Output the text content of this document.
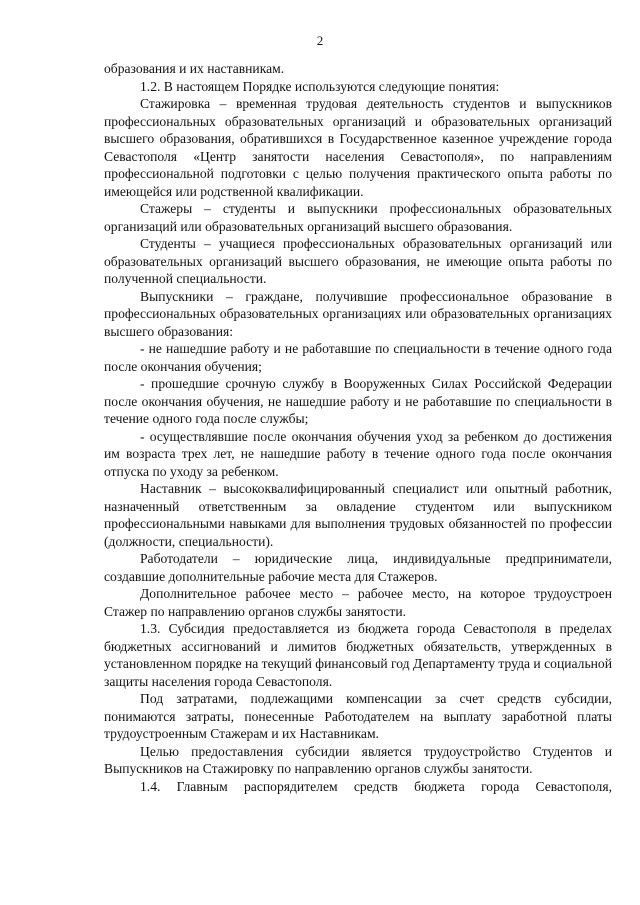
2

образования и их наставникам.

1.2. В настоящем Порядке используются следующие понятия:

Стажировка – временная трудовая деятельность студентов и выпускников профессиональных образовательных организаций и образовательных организаций высшего образования, обратившихся в Государственное казенное учреждение города Севастополя «Центр занятости населения Севастополя», по направлениям профессиональной подготовки с целью получения практического опыта работы по имеющейся или родственной квалификации.

Стажеры – студенты и выпускники профессиональных образовательных организаций или образовательных организаций высшего образования.

Студенты – учащиеся профессиональных образовательных организаций или образовательных организаций высшего образования, не имеющие опыта работы по полученной специальности.

Выпускники – граждане, получившие профессиональное образование в профессиональных образовательных организациях или образовательных организациях высшего образования:

- не нашедшие работу и не работавшие по специальности в течение одного года после окончания обучения;

- прошедшие срочную службу в Вооруженных Силах Российской Федерации после окончания обучения, не нашедшие работу и не работавшие по специальности в течение одного года после службы;

- осуществлявшие после окончания обучения уход за ребенком до достижения им возраста трех лет, не нашедшие работу в течение одного года после окончания отпуска по уходу за ребенком.

Наставник – высококвалифицированный специалист или опытный работник, назначенный ответственным за овладение студентом или выпускником профессиональными навыками для выполнения трудовых обязанностей по профессии (должности, специальности).

Работодатели – юридические лица, индивидуальные предприниматели, создавшие дополнительные рабочие места для Стажеров.

Дополнительное рабочее место – рабочее место, на которое трудоустроен Стажер по направлению органов службы занятости.

1.3. Субсидия предоставляется из бюджета города Севастополя в пределах бюджетных ассигнований и лимитов бюджетных обязательств, утвержденных в установленном порядке на текущий финансовый год Департаменту труда и социальной защиты населения города Севастополя.

Под затратами, подлежащими компенсации за счет средств субсидии, понимаются затраты, понесенные Работодателем на выплату заработной платы трудоустроенным Стажерам и их Наставникам.

Целью предоставления субсидии является трудоустройство Студентов и Выпускников на Стажировку по направлению органов службы занятости.

1.4. Главным распорядителем средств бюджета города Севастополя,
